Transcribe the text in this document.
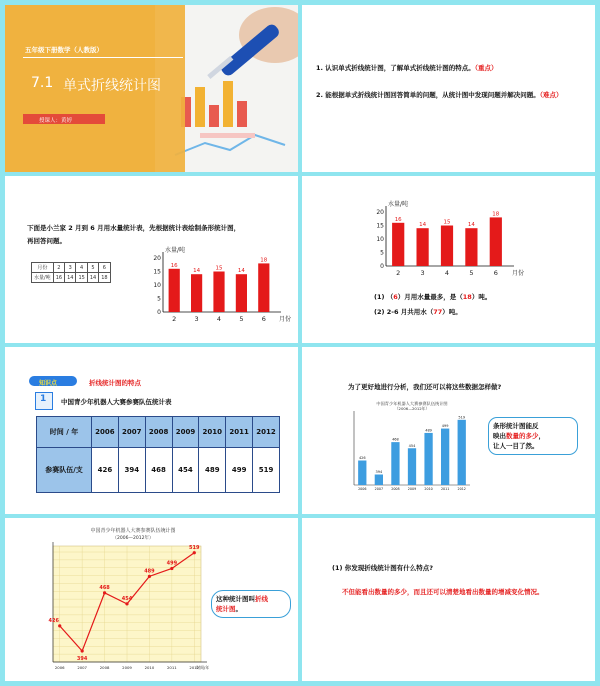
五年级下册数学（人教版）
7.1 单式折线统计图
授课人：黄婷
1. 认识单式折线统计图，了解单式折线统计图的特点。（重点）
2. 能根据单式折线统计图回答简单的问题，从统计图中发现问题并解决问题。（难点）
下面是小兰家 2 月到 6 月用水量统计表，先根据统计表绘制条形统计图，
再回答问题。
月份	2	3	4	5	6
水量/吨	16	14	15	14	18
水量/吨
月份
0
5
10
15
20
16
2
14
3
15
4
14
5
18
6
水量/吨
月份
0
5
10
15
20
16
2
14
3
15
4
14
5
18
6
(1) （6）月用水量最多，是（18）吨。
(2) 2-6 月共用水（77）吨。
知识点	折线统计图的特点
1 中国青少年机器人大赛参赛队伍统计表
时间 / 年	2006	2007	2008	2009	2010	2011	2012
参赛队伍/支	426	394	468	454	489	499	519
为了更好地进行分析，我们还可以将这些数据怎样做?
中国青少年机器人大赛参赛队伍统计图
（2006—2012年）
426
2006
394
2007
468
2008
454
2009
489
2010
499
2011
519
2012
条形统计图能反
映出数量的多少，
让人一目了然。
中国青少年机器人大赛参赛队伍统计图
（2006—2012年）
2006	2007	2008	2009	2010	2011	2012
时间/年
426
394
468
454
489
499
519
这种统计图叫折线
统计图。
(1) 你发现折线统计图有什么特点?
不但能看出数量的多少，而且还可以清楚地看出数量的增减变化情况。
